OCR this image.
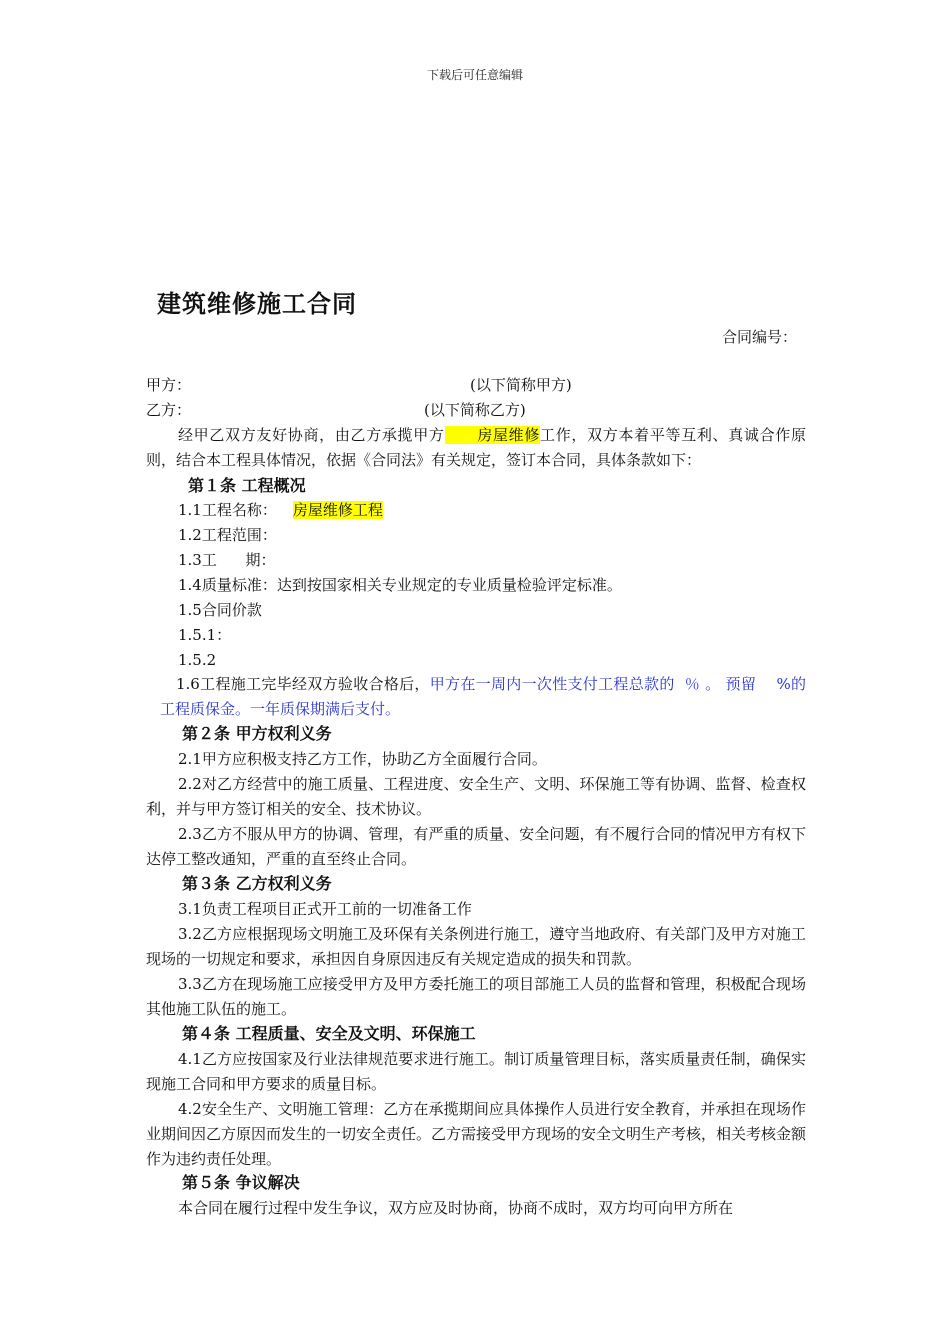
下载后可任意编辑
建筑维修施工合同
合同编号：
甲方：	(以下简称甲方)
乙方：	(以下简称乙方)
经甲乙双方友好协商，由乙方承揽甲方      房屋维修工作，双方本着平等互利、真诚合作原则，结合本工程具体情况，依据《合同法》有关规定，签订本合同，具体条款如下：
第１条 工程概况
1.1工程名称： 房屋维修工程
1.2工程范围：
1.3工      期：
1.4质量标准：达到按国家相关专业规定的专业质量检验评定标准。
1.5合同价款
1.5.1：
1.5.2
1.6工程施工完毕经双方验收合格后，甲方在一周内一次性支付工程总款的  ％ 。 预留    %的工程质保金。一年质保期满后支付。
第２条 甲方权利义务
2.1甲方应积极支持乙方工作，协助乙方全面履行合同。
2.2对乙方经营中的施工质量、工程进度、安全生产、文明、环保施工等有协调、监督、检查权利，并与甲方签订相关的安全、技术协议。
2.3乙方不服从甲方的协调、管理，有严重的质量、安全问题，有不履行合同的情况甲方有权下达停工整改通知，严重的直至终止合同。
第３条 乙方权利义务
3.1负责工程项目正式开工前的一切准备工作
3.2乙方应根据现场文明施工及环保有关条例进行施工，遵守当地政府、有关部门及甲方对施工现场的一切规定和要求，承担因自身原因违反有关规定造成的损失和罚款。
3.3乙方在现场施工应接受甲方及甲方委托施工的项目部施工人员的监督和管理，积极配合现场其他施工队伍的施工。
第４条 工程质量、安全及文明、环保施工
4.1乙方应按国家及行业法律规范要求进行施工。制订质量管理目标，落实质量责任制，确保实现施工合同和甲方要求的质量目标。
4.2安全生产、文明施工管理：乙方在承揽期间应具体操作人员进行安全教育，并承担在现场作业期间因乙方原因而发生的一切安全责任。乙方需接受甲方现场的安全文明生产考核，相关考核金额作为违约责任处理。
第５条 争议解决
本合同在履行过程中发生争议，双方应及时协商，协商不成时，双方均可向甲方所在
